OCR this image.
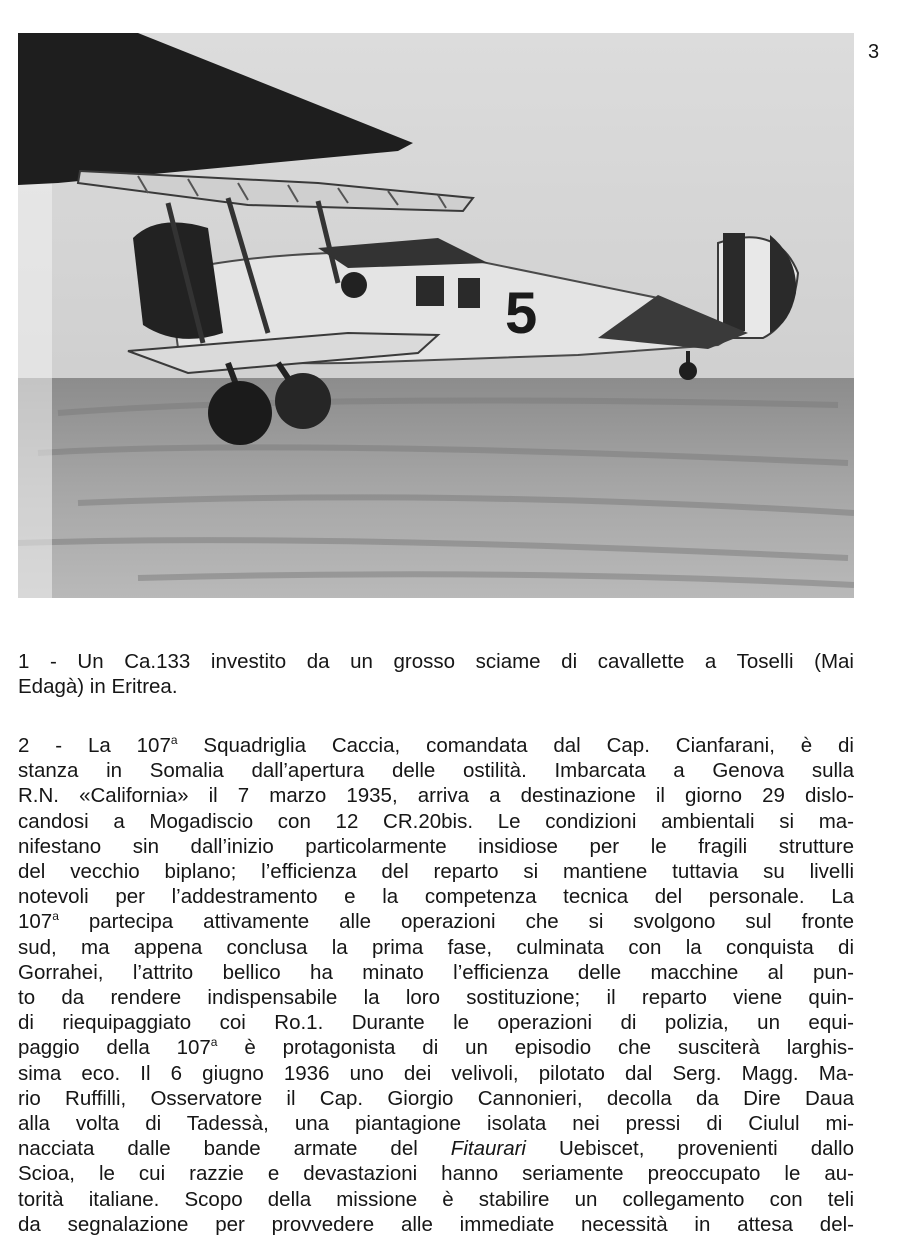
3
5

1 - Un Ca.133 investito da un grosso sciame di cavallette a Toselli (Mai
Edagà) in Eritrea.

2 - La 107$^a$ Squadriglia Caccia, comandata dal Cap. Cianfarani, è di
stanza in Somalia dall’apertura delle ostilità. Imbarcata a Genova sulla
R.N. «California» il 7 marzo 1935, arriva a destinazione il giorno 29 dislo-
candosi a Mogadiscio con 12 CR.20bis. Le condizioni ambientali si ma-
nifestano sin dall’inizio particolarmente insidiose per le fragili strutture
del vecchio biplano; l’efficienza del reparto si mantiene tuttavia su livelli
notevoli per l’addestramento e la competenza tecnica del personale. La
107$^a$ partecipa attivamente alle operazioni che si svolgono sul fronte
sud, ma appena conclusa la prima fase, culminata con la conquista di
Gorrahei, l’attrito bellico ha minato l’efficienza delle macchine al pun-
to da rendere indispensabile la loro sostituzione; il reparto viene quin-
di riequipaggiato coi Ro.1. Durante le operazioni di polizia, un equi-
paggio della 107$^a$ è protagonista di un episodio che susciterà larghis-
sima eco. Il 6 giugno 1936 uno dei velivoli, pilotato dal Serg. Magg. Ma-
rio Ruffilli, Osservatore il Cap. Giorgio Cannonieri, decolla da Dire Daua
alla volta di Tadessà, una piantagione isolata nei pressi di Ciulul mi-
nacciata dalle bande armate del Fitaurari Uebiscet, provenienti dallo
Scioa, le cui razzie e devastazioni hanno seriamente preoccupato le au-
torità italiane. Scopo della missione è stabilire un collegamento con teli
da segnalazione per provvedere alle immediate necessità in attesa del-
